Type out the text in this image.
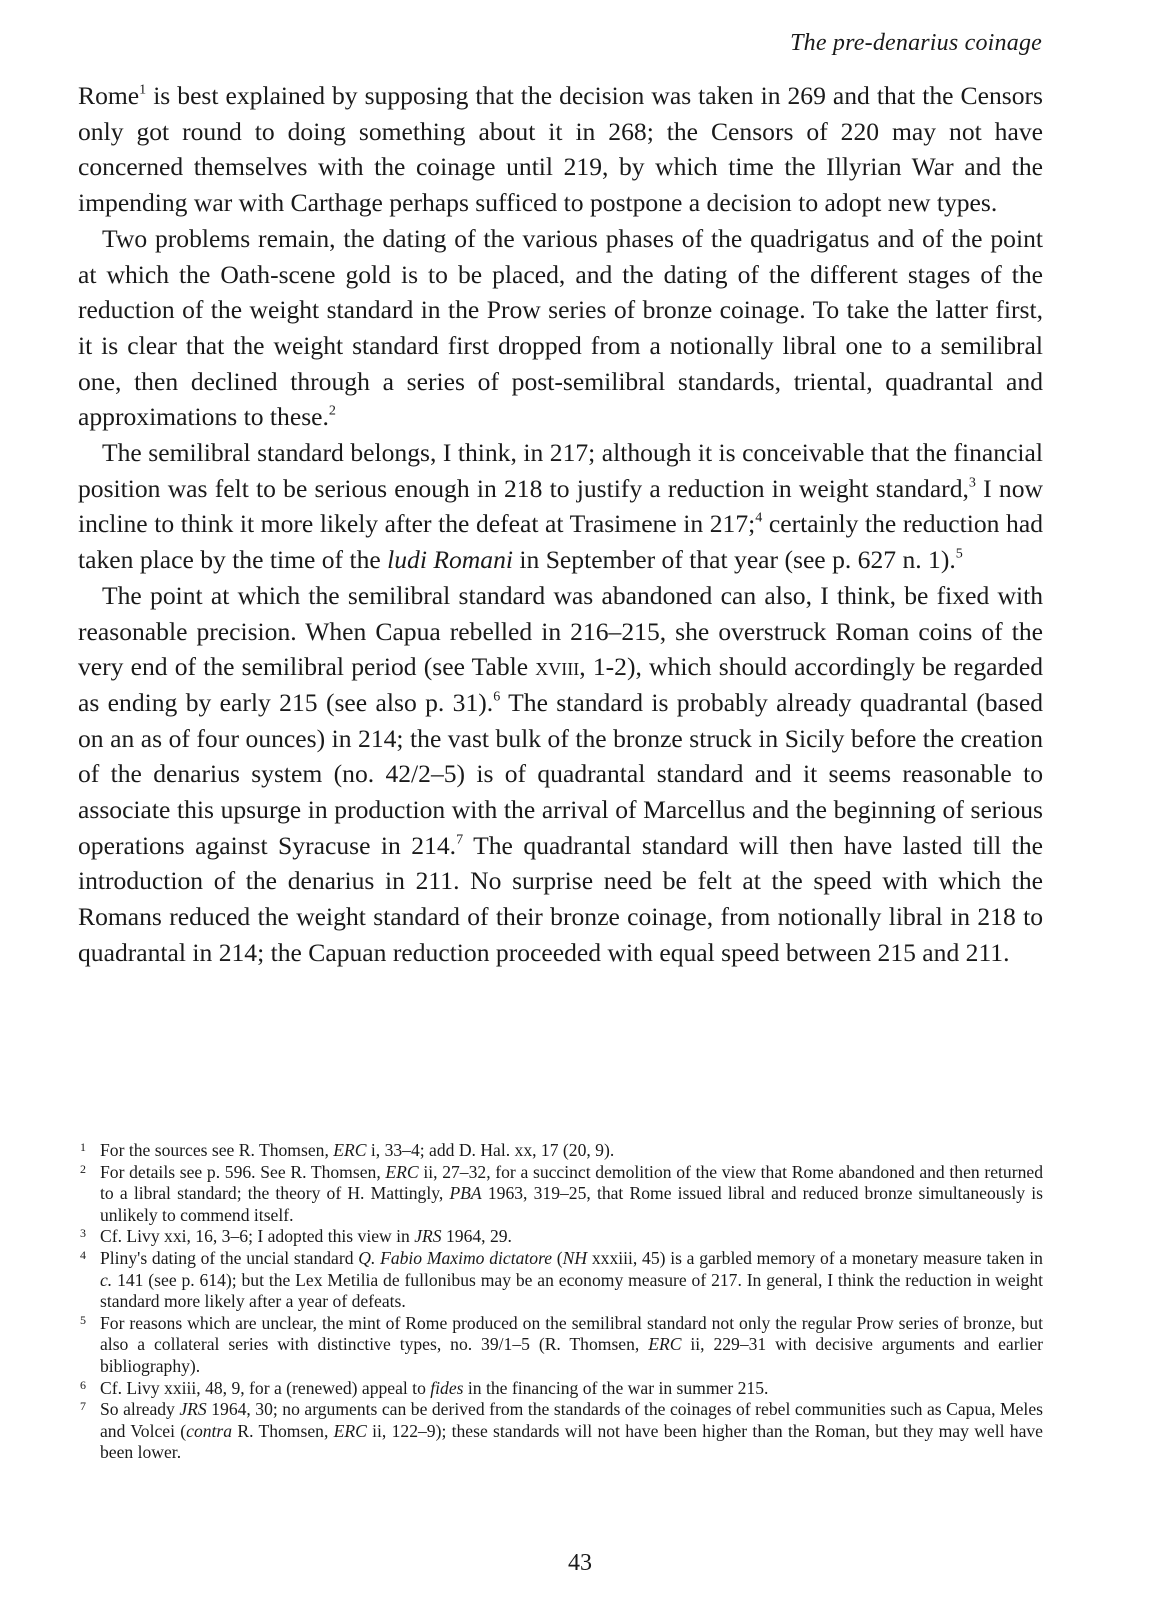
The pre-denarius coinage

Rome$^1$ is best explained by supposing that the decision was taken in 269 and that the Censors only got round to doing something about it in 268; the Censors of 220 may not have concerned themselves with the coinage until 219, by which time the Illyrian War and the impending war with Carthage perhaps sufficed to postpone a decision to adopt new types.

Two problems remain, the dating of the various phases of the quadrigatus and of the point at which the Oath-scene gold is to be placed, and the dating of the different stages of the reduction of the weight standard in the Prow series of bronze coinage. To take the latter first, it is clear that the weight standard first dropped from a notionally libral one to a semilibral one, then declined through a series of post-semilibral standards, triental, quadrantal and approximations to these.$^2$

The semilibral standard belongs, I think, in 217; although it is conceivable that the financial position was felt to be serious enough in 218 to justify a reduction in weight standard,$^3$ I now incline to think it more likely after the defeat at Trasimene in 217;$^4$ certainly the reduction had taken place by the time of the ludi Romani in September of that year (see p. 627 n. 1).$^5$

The point at which the semilibral standard was abandoned can also, I think, be fixed with reasonable precision. When Capua rebelled in 216–215, she overstruck Roman coins of the very end of the semilibral period (see Table xviii, 1-2), which should accordingly be regarded as ending by early 215 (see also p. 31).$^6$ The standard is probably already quadrantal (based on an as of four ounces) in 214; the vast bulk of the bronze struck in Sicily before the creation of the denarius system (no. 42/2–5) is of quadrantal standard and it seems reasonable to associate this upsurge in production with the arrival of Marcellus and the beginning of serious operations against Syracuse in 214.$^7$ The quadrantal standard will then have lasted till the introduction of the denarius in 211. No surprise need be felt at the speed with which the Romans reduced the weight standard of their bronze coinage, from notionally libral in 218 to quadrantal in 214; the Capuan reduction proceeded with equal speed between 215 and 211.

1 For the sources see R. Thomsen, ERC i, 33–4; add D. Hal. xx, 17 (20, 9).

2 For details see p. 596. See R. Thomsen, ERC ii, 27–32, for a succinct demolition of the view that Rome abandoned and then returned to a libral standard; the theory of H. Mattingly, PBA 1963, 319–25, that Rome issued libral and reduced bronze simultaneously is unlikely to commend itself.

3 Cf. Livy xxi, 16, 3–6; I adopted this view in JRS 1964, 29.

4 Pliny's dating of the uncial standard Q. Fabio Maximo dictatore (NH xxxiii, 45) is a garbled memory of a monetary measure taken in c. 141 (see p. 614); but the Lex Metilia de fullonibus may be an economy measure of 217. In general, I think the reduction in weight standard more likely after a year of defeats.

5 For reasons which are unclear, the mint of Rome produced on the semilibral standard not only the regular Prow series of bronze, but also a collateral series with distinctive types, no. 39/1–5 (R. Thomsen, ERC ii, 229–31 with decisive arguments and earlier bibliography).

6 Cf. Livy xxiii, 48, 9, for a (renewed) appeal to fides in the financing of the war in summer 215.

7 So already JRS 1964, 30; no arguments can be derived from the standards of the coinages of rebel communities such as Capua, Meles and Volcei (contra R. Thomsen, ERC ii, 122–9); these standards will not have been higher than the Roman, but they may well have been lower.

43
